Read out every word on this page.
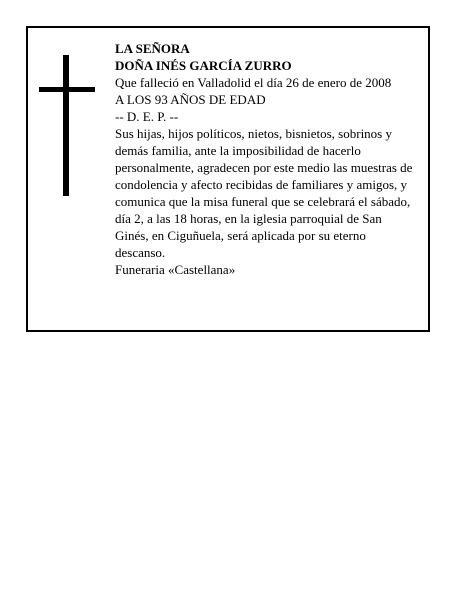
LA SEÑORA
DOÑA INÉS GARCÍA ZURRO
Que falleció en Valladolid el día 26 de enero de 2008
A LOS 93 AÑOS DE EDAD
-- D. E. P. --
Sus hijas, hijos políticos, nietos, bisnietos, sobrinos y demás familia, ante la imposibilidad de hacerlo personalmente, agradecen por este medio las muestras de condolencia y afecto recibidas de familiares y amigos, y comunica que la misa funeral que se celebrará el sábado, día 2, a las 18 horas, en la iglesia parroquial de San Ginés, en Ciguñuela, será aplicada por su eterno descanso.
Funeraria «Castellana»
